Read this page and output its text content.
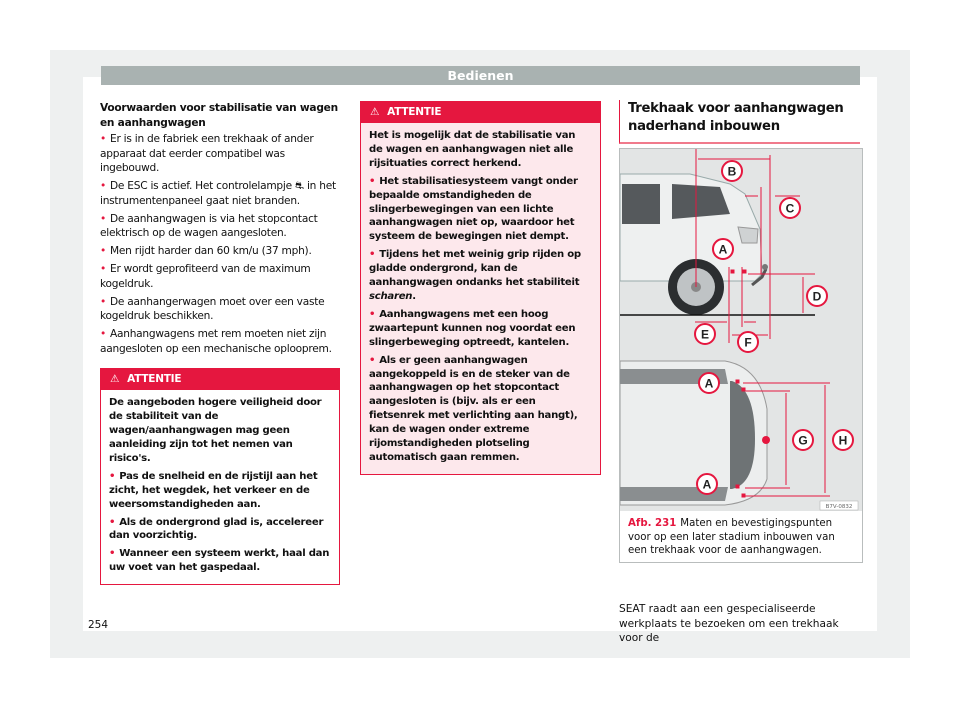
Bedienen
Voorwaarden voor stabilisatie van wagen en aanhangwagen
• Er is in de fabriek een trekhaak of ander apparaat dat eerder compatibel was ingebouwd.
• De ESC is actief. Het controlelampje ⛐ in het instrumentenpaneel gaat niet branden.
• De aanhangwagen is via het stopcontact elektrisch op de wagen aangesloten.
• Men rijdt harder dan 60 km/u (37 mph).
• Er wordt geprofiteerd van de maximum kogeldruk.
• De aanhangerwagen moet over een vaste kogeldruk beschikken.
• Aanhangwagens met rem moeten niet zijn aangesloten op een mechanische oplooprem.
⚠ ATTENTIE
De aangeboden hogere veiligheid door de stabiliteit van de wagen/aanhangwagen mag geen aanleiding zijn tot het nemen van risico's.
• Pas de snelheid en de rijstijl aan het zicht, het wegdek, het verkeer en de weersomstandigheden aan.
• Als de ondergrond glad is, accelereer dan voorzichtig.
• Wanneer een systeem werkt, haal dan uw voet van het gaspedaal.
⚠ ATTENTIE
Het is mogelijk dat de stabilisatie van de wagen en aanhangwagen niet alle rijsituaties correct herkend.
• Het stabilisatiesysteem vangt onder bepaalde omstandigheden de slingerbewegingen van een lichte aanhangwagen niet op, waardoor het systeem de bewegingen niet dempt.
• Tijdens het met weinig grip rijden op gladde ondergrond, kan de aanhangwagen ondanks het stabiliteit scharen.
• Aanhangwagens met een hoog zwaartepunt kunnen nog voordat een slingerbeweging optreedt, kantelen.
• Als er geen aanhangwagen aangekoppeld is en de steker van de aanhangwagen op het stopcontact aangesloten is (bijv. als er een fietsenrek met verlichting aan hangt), kan de wagen onder extreme rijomstandigheden plotseling automatisch gaan remmen.
Trekhaak voor aanhangwagen naderhand inbouwen
A
B
C
D
E
F
A
G	H
A
B7V-0832
Afb. 231 Maten en bevestigingspunten voor op een later stadium inbouwen van een trekhaak voor de aanhangwagen.
SEAT raadt aan een gespecialiseerde werkplaats te bezoeken om een trekhaak voor de
254
